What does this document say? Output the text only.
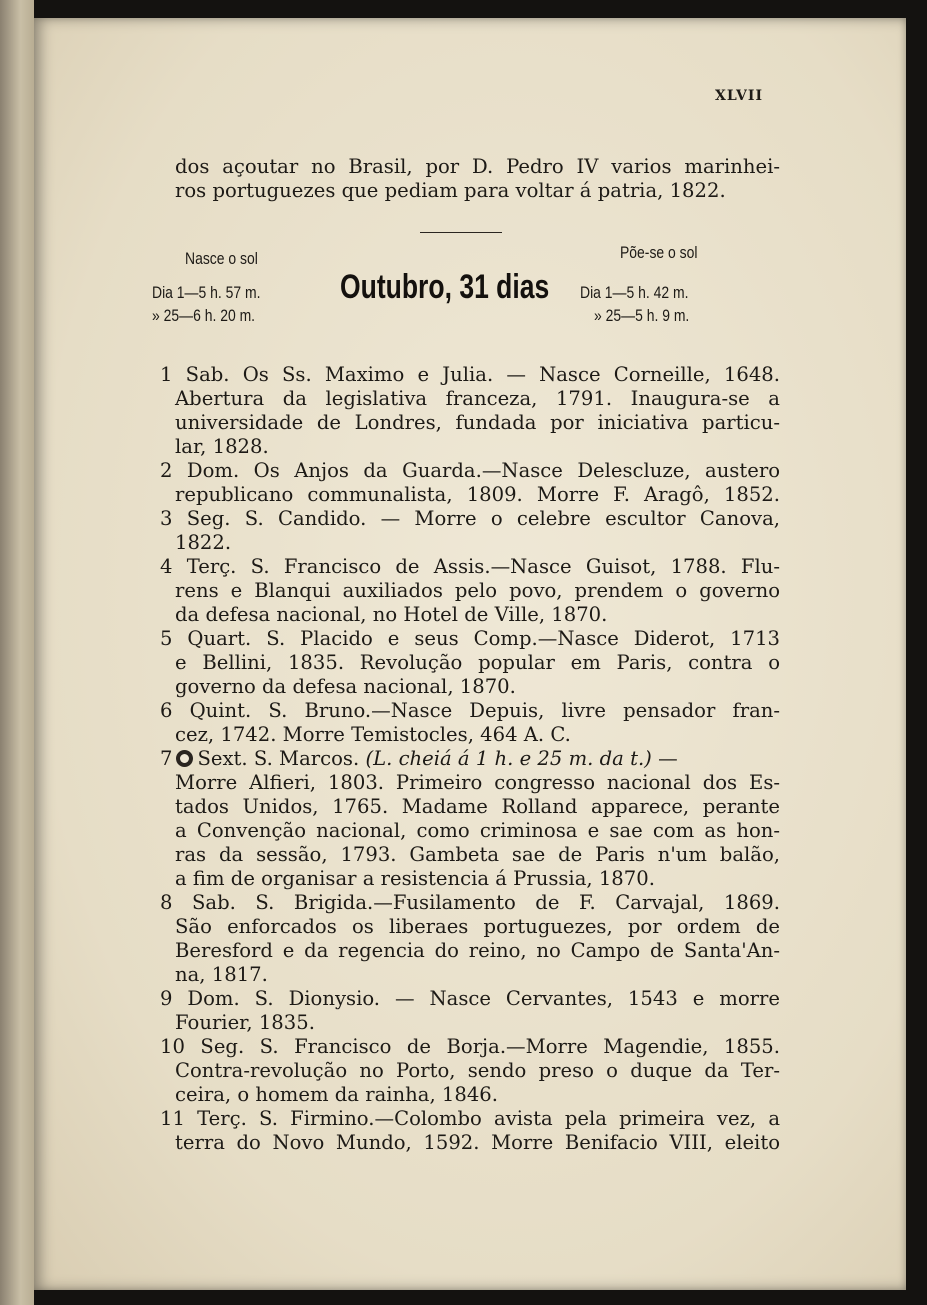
XLVII
dos açoutar no Brasil, por D. Pedro IV varios marinhei-
ros portuguezes que pediam para voltar á patria, 1822.
Nasce o sol
Dia 1—5 h. 57 m.
» 25—6 h. 20 m.
Outubro, 31 dias
Põe-se o sol
Dia 1—5 h. 42 m.
» 25—5 h. 9 m.
1 Sab. Os Ss. Maximo e Julia. — Nasce Corneille, 1648.
Abertura da legislativa franceza, 1791. Inaugura-se a
universidade de Londres, fundada por iniciativa particu-
lar, 1828.
2 Dom. Os Anjos da Guarda.—Nasce Delescluze, austero
republicano communalista, 1809. Morre F. Aragô, 1852.
3 Seg. S. Candido. — Morre o celebre escultor Canova,
1822.
4 Terç. S. Francisco de Assis.—Nasce Guisot, 1788. Flu-
rens e Blanqui auxiliados pelo povo, prendem o governo
da defesa nacional, no Hotel de Ville, 1870.
5 Quart. S. Placido e seus Comp.—Nasce Diderot, 1713
e Bellini, 1835. Revolução popular em Paris, contra o
governo da defesa nacional, 1870.
6 Quint. S. Bruno.—Nasce Depuis, livre pensador fran-
cez, 1742. Morre Temistocles, 464 A. C.
7 Sext. S. Marcos. (L. cheiá á 1 h. e 25 m. da t.) —
Morre Alfieri, 1803. Primeiro congresso nacional dos Es-
tados Unidos, 1765. Madame Rolland apparece, perante
a Convenção nacional, como criminosa e sae com as hon-
ras da sessão, 1793. Gambeta sae de Paris n'um balão,
a fim de organisar a resistencia á Prussia, 1870.
8 Sab. S. Brigida.—Fusilamento de F. Carvajal, 1869.
São enforcados os liberaes portuguezes, por ordem de
Beresford e da regencia do reino, no Campo de Santa'An-
na, 1817.
9 Dom. S. Dionysio. — Nasce Cervantes, 1543 e morre
Fourier, 1835.
10 Seg. S. Francisco de Borja.—Morre Magendie, 1855.
Contra-revolução no Porto, sendo preso o duque da Ter-
ceira, o homem da rainha, 1846.
11 Terç. S. Firmino.—Colombo avista pela primeira vez, a
terra do Novo Mundo, 1592. Morre Benifacio VIII, eleito
